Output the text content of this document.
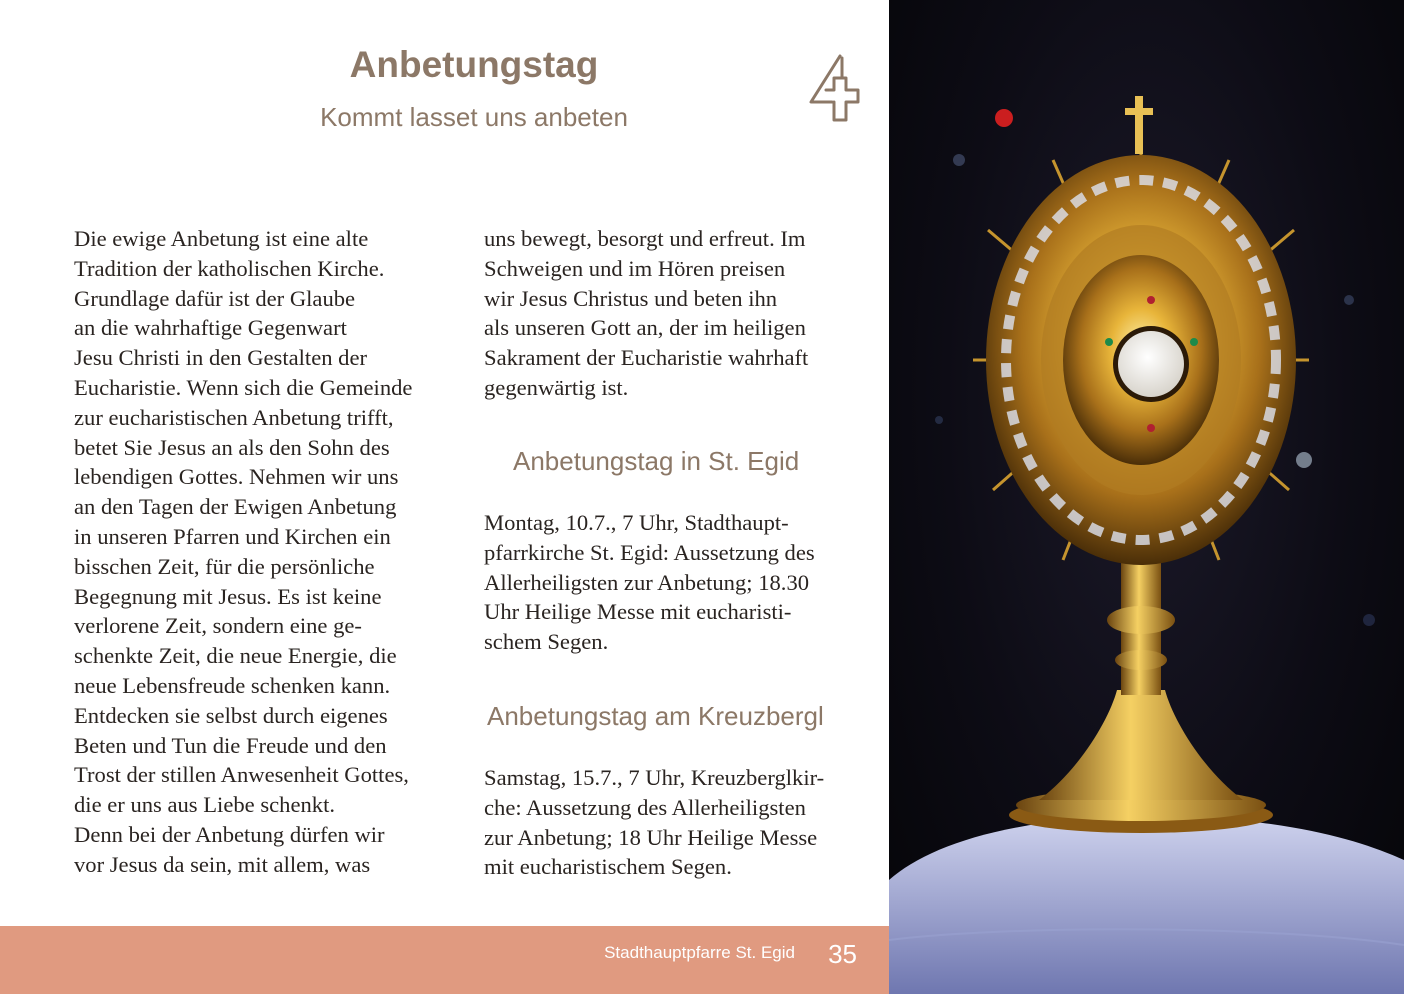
Anbetungstag
Kommt lasset uns anbeten
Die ewige Anbetung ist eine alte
Tradition der katholischen Kirche.
Grundlage dafür ist der Glaube
an die wahrhaftige Gegenwart
Jesu Christi in den Gestalten der
Eucharistie. Wenn sich die Gemeinde
zur eucharistischen Anbetung trifft,
betet Sie Jesus an als den Sohn des
lebendigen Gottes. Nehmen wir uns
an den Tagen der Ewigen Anbetung
in unseren Pfarren und Kirchen ein
bisschen Zeit, für die persönliche
Begegnung mit Jesus. Es ist keine
verlorene Zeit, sondern eine ge-
schenkte Zeit, die neue Energie, die
neue Lebensfreude schenken kann.
Entdecken sie selbst durch eigenes
Beten und Tun die Freude und den
Trost der stillen Anwesenheit Gottes,
die er uns aus Liebe schenkt.
Denn bei der Anbetung dürfen wir
vor Jesus da sein, mit allem, was
uns bewegt, besorgt und erfreut. Im
Schweigen und im Hören preisen
wir Jesus Christus und beten ihn
als unseren Gott an, der im heiligen
Sakrament der Eucharistie wahrhaft
gegenwärtig ist.
Anbetungstag in St. Egid
Montag, 10.7., 7 Uhr, Stadthaupt-
pfarrkirche St. Egid: Aussetzung des
Allerheiligsten zur Anbetung; 18.30
Uhr Heilige Messe mit eucharisti-
schem Segen.
Anbetungstag am Kreuzbergl
Samstag, 15.7., 7 Uhr, Kreuzberglkir-
che: Aussetzung des Allerheiligsten
zur Anbetung; 18 Uhr Heilige Messe
mit eucharistischem Segen.
Stadthauptpfarre St. Egid 35
